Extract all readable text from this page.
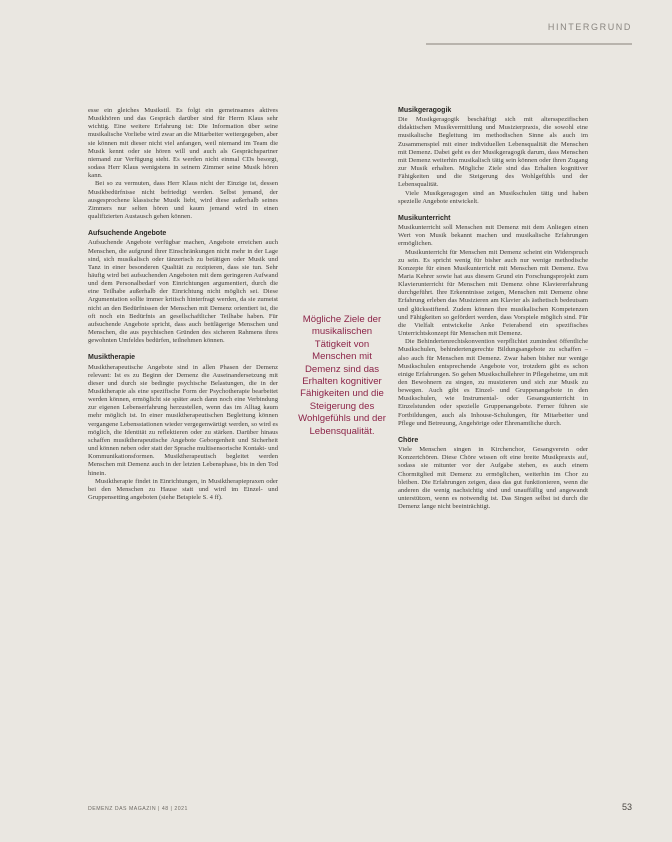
HINTERGRUND

esse ein gleiches Musikstil. Es folgt ein gemeinsames aktives Musikhören und das Gespräch darüber sind für Herrn Klaus sehr wichtig. Eine weitere Erfahrung ist: Die Information über seine musikalische Vorliebe wird zwar an die Mitarbeiter weitergegeben, aber sie können mit dieser nicht viel anfangen, weil niemand im Team die Musik kennt oder sie hören will und auch als Gesprächspartner niemand zur Verfügung steht. Es werden nicht einmal CDs besorgt, sodass Herr Klaus wenigstens in seinem Zimmer seine Musik hören kann.

Bei so zu vermuten, dass Herr Klaus nicht der Einzige ist, dessen Musikbedürfnisse nicht befriedigt werden. Selbst jemand, der ausgesprochene klassische Musik liebt, wird diese außerhalb seines Zimmers nur selten hören und kaum jemand wird in einen qualifizierten Austausch gehen können.

Aufsuchende Angebote

Aufsuchende Angebote verfügbar machen, Angebote erreichen auch Menschen, die aufgrund ihrer Einschränkungen nicht mehr in der Lage sind, sich musikalisch oder tänzerisch zu betätigen oder Musik und Tanz in einer besonderen Qualität zu rezipieren, dass sie tun. Sehr häufig wird bei aufsuchenden Angeboten mit dem geringeren Aufwand und dem Personalbedarf von Einrichtungen argumentiert, durch die eine Teilhabe außerhalb der Einrichtung nicht möglich sei. Diese Argumentation sollte immer kritisch hinterfragt werden, da sie zumeist nicht an den Bedürfnissen der Menschen mit Demenz orientiert ist, die oft noch ein Bedürfnis an gesellschaftlicher Teilhabe haben. Für aufsuchende Angebote spricht, dass auch bettlägerige Menschen und Menschen, die aus psychischen Gründen des sicheren Rahmens ihres gewohnten Umfeldes bedürfen, teilnehmen können.

Musiktherapie

Musiktherapeutische Angebote sind in allen Phasen der Demenz relevant: Ist es zu Beginn der Demenz die Auseinandersetzung mit dieser und durch sie bedingte psychische Belastungen, die in der Musiktherapie als eine spezifische Form der Psychotherapie bearbeitet werden können, ermöglicht sie später auch dann noch eine Verbindung zur eigenen Lebenserfahrung herzustellen, wenn das im Alltag kaum mehr möglich ist. In einer musiktherapeutischen Begleitung können vergangene Lebensstationen wieder vergegenwärtigt werden, so wird es möglich, die Identität zu reflektieren oder zu stärken. Darüber hinaus schaffen musiktherapeutische Angebote Geborgenheit und Sicherheit und können neben oder statt der Sprache multisensorische Kontakt- und Kommunikationsformen. Musiktherapeutisch begleitet werden Menschen mit Demenz auch in der letzten Lebensphase, bis in den Tod hinein.

Musiktherapie findet in Einrichtungen, in Musiktherapiepraxen oder bei den Menschen zu Hause statt und wird im Einzel- und Gruppensetting angeboten (siehe Beispiele S. 4 ff).

Mögliche Ziele der musikalischen Tätigkeit von Menschen mit Demenz sind das Erhalten kognitiver Fähigkeiten und die Steigerung des Wohlgefühls und der Lebensqualität.
Musikgeragogik

Die Musikgeragogik beschäftigt sich mit altersspezifischen didaktischen Musikvermittlung und Musizierpraxis, die sowohl eine musikalische Begleitung im methodischen Sinne als auch im Zusammenspiel mit einer individuellen Lebensqualität die Menschen mit Demenz. Dabei geht es der Musikgeragogik darum, dass Menschen mit Demenz weiterhin musikalisch tätig sein können oder ihren Zugang zur Musik erhalten. Mögliche Ziele sind das Erhalten kognitiver Fähigkeiten und die Steigerung des Wohlgefühls und der Lebensqualität.

Viele Musikgeragogen sind an Musikschulen tätig und haben spezielle Angebote entwickelt.

Musikunterricht

Musikunterricht soll Menschen mit Demenz mit dem Anliegen einen Wert von Musik bekannt machen und musikalische Erfahrungen ermöglichen.

Musikunterricht für Menschen mit Demenz scheint ein Widerspruch zu sein. Es spricht wenig für bisher auch nur wenige methodische Konzepte für einen Musikunterricht mit Menschen mit Demenz. Eva Maria Kehrer sowie hat aus diesem Grund ein Forschungsprojekt zum Klavierunterricht für Menschen mit Demenz ohne Klaviererfahrung durchgeführt. Ihre Erkenntnisse zeigen, Menschen mit Demenz ohne Erfahrung erleben das Musizieren am Klavier als ästhetisch bedeutsam und glücksstiftend. Zudem können ihre musikalischen Kompetenzen und Fähigkeiten so gefördert werden, dass Vorspiele möglich sind. Für die Vielfalt entwickelte Anke Feierabend ein spezifisches Unterrichtskonzept für Menschen mit Demenz.

Die Behindertenrechtskonvention verpflichtet zumindest öffentliche Musikschulen, behindertengerechte Bildungsangebote zu schaffen – also auch für Menschen mit Demenz. Zwar haben bisher nur wenige Musikschulen entsprechende Angebote vor, trotzdem gibt es schon einige Erfahrungen. So gehen Musikschullehrer in Pflegeheime, um mit den Bewohnern zu singen, zu musizieren und sich zur Musik zu bewegen. Auch gibt es Einzel- und Gruppenangebote in den Musikschulen, wie Instrumental- oder Gesangsunterricht in Einzelstunden oder spezielle Gruppenangebote. Ferner führen sie Fortbildungen, auch als Inhouse-Schulungen, für Mitarbeiter und Pflege und Betreuung, Angehörige oder Ehrenamtliche durch.

Chöre

Viele Menschen singen in Kirchenchor, Gesangverein oder Konzertchören. Diese Chöre wissen oft eine breite Musikpraxis auf, sodass sie mitunter vor der Aufgabe stehen, es auch einem Chormitglied mit Demenz zu ermöglichen, weiterhin im Chor zu bleiben. Die Erfahrungen zeigen, dass das gut funktionieren, wenn die anderen die wenig nachsichtig sind und unauffällig und angewandt unterstützen, wenn es notwendig ist. Das Singen selbst ist durch die Demenz lange nicht beeinträchtigt.

DEMENZ DAS MAGAZIN | 48 | 2021	53
